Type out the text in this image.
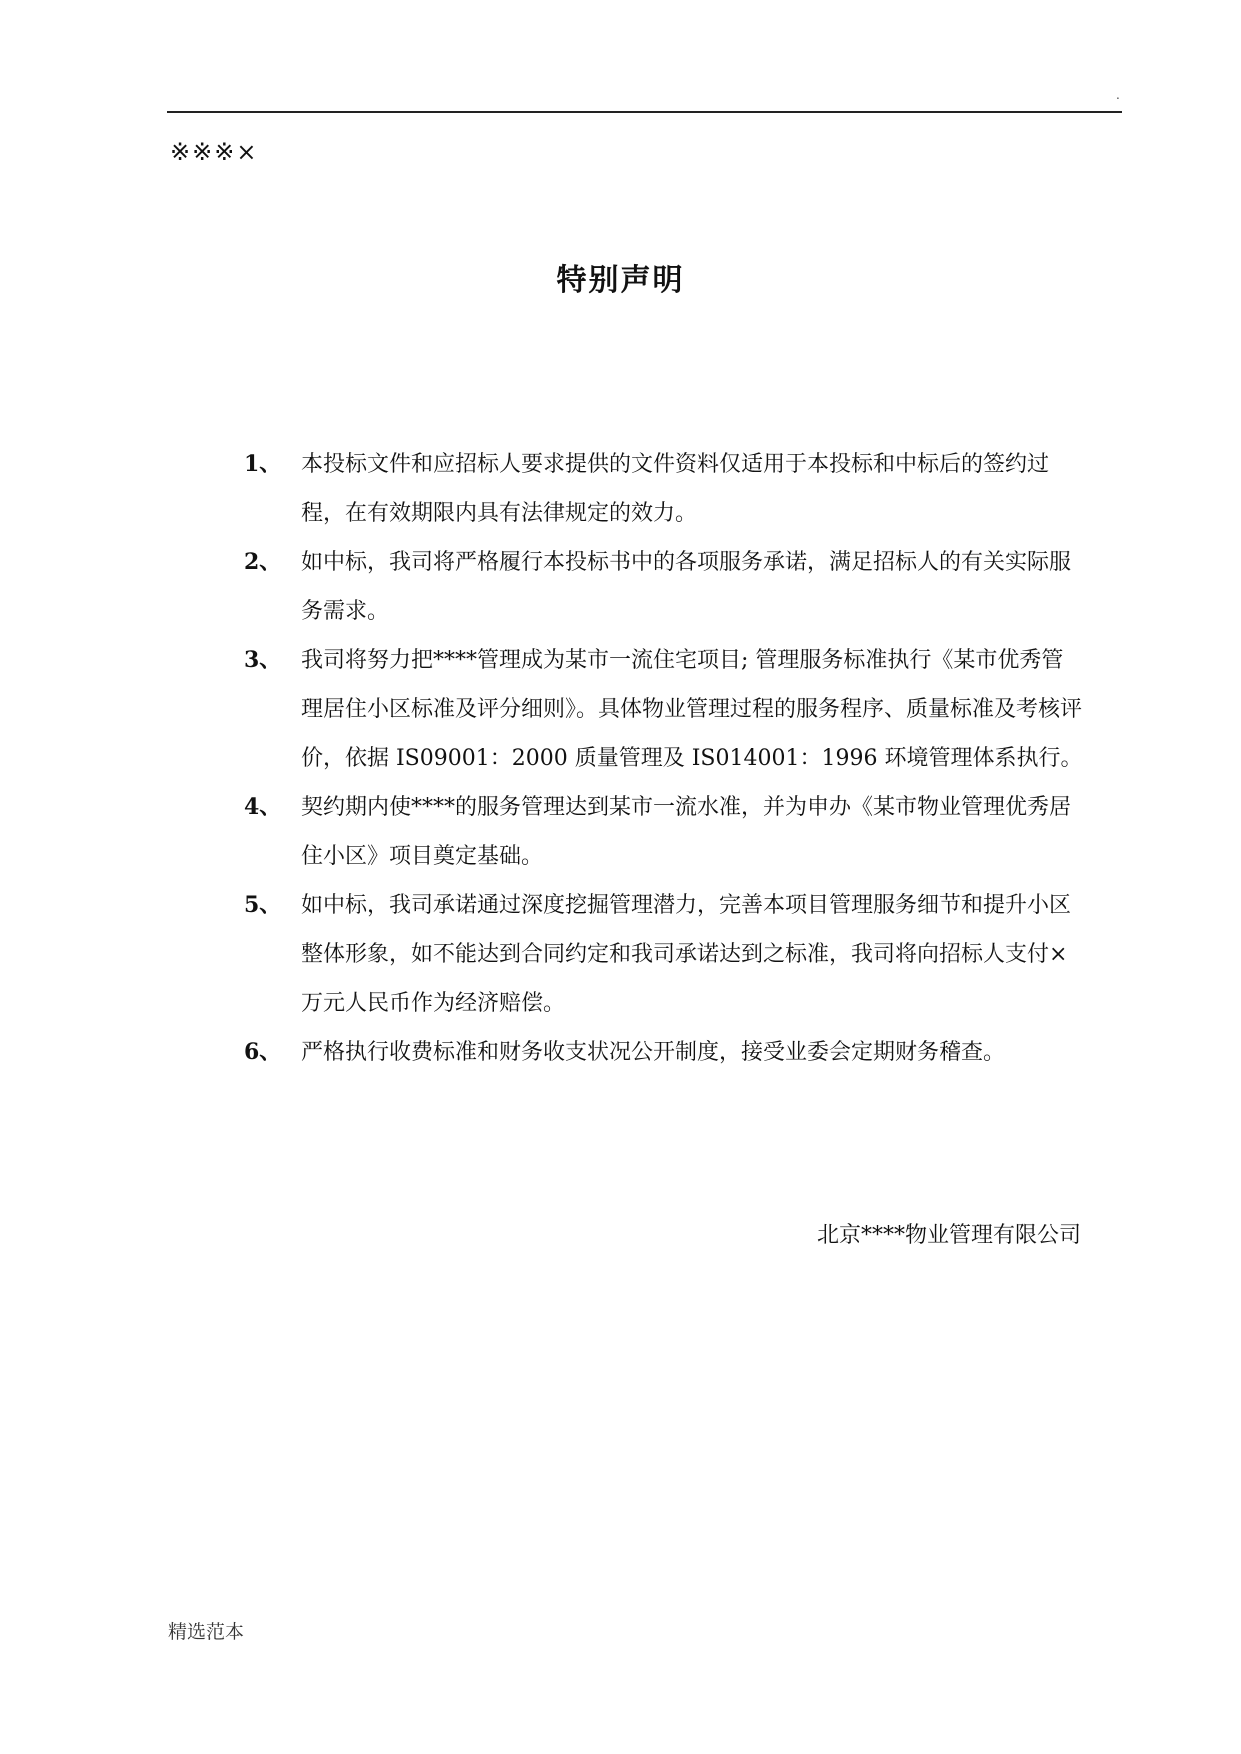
.
※※※×
特别声明
1、 本投标文件和应招标人要求提供的文件资料仅适用于本投标和中标后的签约过程，在有效期限内具有法律规定的效力。
2、 如中标，我司将严格履行本投标书中的各项服务承诺，满足招标人的有关实际服务需求。
3、 我司将努力把****管理成为某市一流住宅项目; 管理服务标准执行《某市优秀管理居住小区标准及评分细则》。具体物业管理过程的服务程序、质量标准及考核评价，依据 IS09001：2000 质量管理及 IS014001：1996 环境管理体系执行。
4、 契约期内使****的服务管理达到某市一流水准，并为申办《某市物业管理优秀居住小区》项目奠定基础。
5、 如中标，我司承诺通过深度挖掘管理潜力，完善本项目管理服务细节和提升小区整体形象，如不能达到合同约定和我司承诺达到之标准，我司将向招标人支付×万元人民币作为经济赔偿。
6、 严格执行收费标准和财务收支状况公开制度，接受业委会定期财务稽查。
北京****物业管理有限公司
精选范本
